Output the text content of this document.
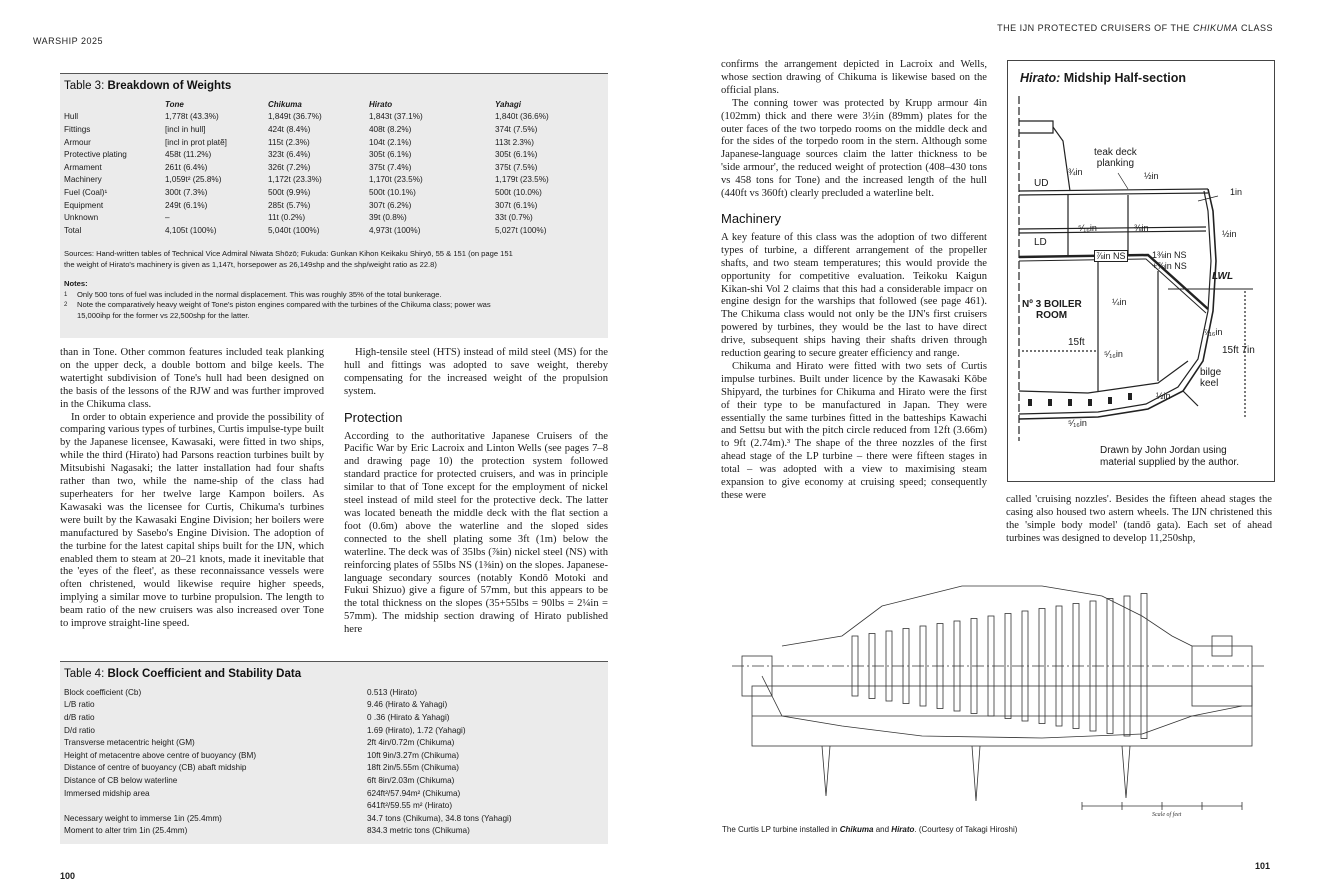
WARSHIP 2025
THE IJN PROTECTED CRUISERS OF THE CHIKUMA CLASS
Table 3: Breakdown of Weights
	Tone	Chikuma	Hirato	Yahagi
Hull	1,778t (43.3%)	1,849t (36.7%)	1,843t (37.1%)	1,840t (36.6%)
Fittings	[incl in hull]	424t (8.4%)	408t (8.2%)	374t (7.5%)
Armour	[incl in prot platẽ]	115t (2.3%)	104t (2.1%)	113t 2.3%)
Protective plating	458t (11.2%)	323t (6.4%)	305t (6.1%)	305t (6.1%)
Armament	261t (6.4%)	326t (7.2%)	375t (7.4%)	375t (7.5%)
Machinery	1,059t² (25.8%)	1,172t (23.3%)	1,170t (23.5%)	1,179t (23.5%)
Fuel (Coal)¹	300t (7.3%)	500t (9.9%)	500t (10.1%)	500t (10.0%)
Equipment	249t (6.1%)	285t (5.7%)	307t (6.2%)	307t (6.1%)
Unknown	–	11t (0.2%)	39t (0.8%)	33t (0.7%)
Total	4,105t (100%)	5,040t (100%)	4,973t (100%)	5,027t (100%)
Sources: Hand-written tables of Technical Vice Admiral Niwata Shōzō; Fukuda: Gunkan Kihon Keikaku Shiryō, 55 & 151 (on page 151
the weight of Hirato's machinery is given as 1,147t, horsepower as 26,149shp and the shp/weight ratio as 22.8)
Notes:
1 Only 500 tons of fuel was included in the normal displacement. This was roughly 35% of the total bunkerage.
2 Note the comparatively heavy weight of Tone's piston engines compared with the turbines of the Chikuma class; power was
15,000ihp for the former vs 22,500shp for the latter.

than in Tone. Other common features included teak planking on the upper deck, a double bottom and bilge keels. The watertight subdivision of Tone's hull had been designed on the basis of the lessons of the RJW and was further improved in the Chikuma class.

In order to obtain experience and provide the possibility of comparing various types of turbines, Curtis impulse-type built by the Japanese licensee, Kawasaki, were fitted in two ships, while the third (Hirato) had Parsons reaction turbines built by Mitsubishi Nagasaki; the latter installation had four shafts rather than two, while the name-ship of the class had superheaters for her twelve large Kampon boilers. As Kawasaki was the licensee for Curtis, Chikuma's turbines were built by the Kawasaki Engine Division; her boilers were manufactured by Sasebo's Engine Division. The adoption of the turbine for the latest capital ships built for the IJN, which enabled them to steam at 20–21 knots, made it inevitable that the 'eyes of the fleet', as these reconnaissance vessels were often christened, would likewise require higher speeds, implying a similar move to turbine propulsion. The length to beam ratio of the new cruisers was also increased over Tone to improve straight-line speed.

High-tensile steel (HTS) instead of mild steel (MS) for the hull and fittings was adopted to save weight, thereby compensating for the increased weight of the propulsion system.

Protection

According to the authoritative Japanese Cruisers of the Pacific War by Eric Lacroix and Linton Wells (see pages 7–8 and drawing page 10) the protection system followed standard practice for protected cruisers, and was in principle similar to that of Tone except for the employment of nickel steel instead of mild steel for the protective deck. The latter was located beneath the middle deck with the flat section a foot (0.6m) above the waterline and the sloped sides connected to the shell plating some 3ft (1m) below the waterline. The deck was of 35lbs (⅞in) nickel steel (NS) with reinforcing plates of 55lbs NS (1⅜in) on the slopes. Japanese-language secondary sources (notably Kondō Motoki and Fukui Shizuo) give a figure of 57mm, but this appears to be the total thickness on the slopes (35+55lbs = 90lbs = 2¼in = 57mm). The midship section drawing of Hirato published here

Table 4: Block Coefficient and Stability Data
Block coefficient (Cb)	0.513 (Hirato)
L/B ratio	9.46 (Hirato & Yahagi)
d/B ratio	0 .36 (Hirato & Yahagi)
D/d ratio	1.69 (Hirato), 1.72 (Yahagi)
Transverse metacentric height (GM)	2ft 4in/0.72m (Chikuma)
Height of metacentre above centre of buoyancy (BM)	10ft 9in/3.27m (Chikuma)
Distance of centre of buoyancy (CB) abaft midship	18ft 2in/5.55m (Chikuma)
Distance of CB below waterline	6ft 8in/2.03m (Chikuma)
Immersed midship area	624ft²/57.94m² (Chikuma)
	641ft²/59.55 m² (Hirato)
Necessary weight to immerse 1in (25.4mm)	34.7 tons (Chikuma), 34.8 tons (Yahagi)
Moment to alter trim 1in (25.4mm)	834.3 metric tons (Chikuma)

confirms the arrangement depicted in Lacroix and Wells, whose section drawing of Chikuma is likewise based on the official plans.

The conning tower was protected by Krupp armour 4in (102mm) thick and there were 3½in (89mm) plates for the outer faces of the two torpedo rooms on the middle deck and for the sides of the torpedo room in the stern. Although some Japanese-language sources claim the latter thickness to be 'side armour', the reduced weight of protection (408–430 tons vs 458 tons for Tone) and the increased length of the hull (440ft vs 360ft) clearly precluded a waterline belt.

Machinery

A key feature of this class was the adoption of two different types of turbine, a different arrangement of the propeller shafts, and two steam temperatures; this would provide the opportunity for competitive evaluation. Teikoku Kaigun Kikan-shi Vol 2 claims that this had a considerable impacr on engine design for the warships that followed (see page 461). The Chikuma class would not only be the IJN's first cruisers powered by turbines, they would be the last to have direct drive, subsequent ships having their shafts driven through reduction gearing to secure greater efficiency and range.

Chikuma and Hirato were fitted with two sets of Curtis impulse turbines. Built under licence by the Kawasaki Kōbe Shipyard, the turbines for Chikuma and Hirato were the first of their type to be manufactured in Japan. They were essentially the same turbines fitted in the batteships Kawachi and Settsu but with the pitch circle reduced from 12ft (3.66m) to 9ft (2.74m).³ The shape of the three nozzles of the first ahead stage of the LP turbine – there were fifteen stages in total – was adopted with a view to maximising steam expansion to give economy at cruising speed; consequently these were	called 'cruising nozzles'. Besides the fifteen ahead stages the casing also housed two astern wheels. The IJN christened this the 'simple body model' (tandō gata). Each set of ahead turbines was designed to develop 11,250shp,

Hirato: Midship Half-section
teak deck
planking
UD
LD
LWL
Nº 3 BOILER
ROOM
15ft
15ft 7in
bilge
keel
¾in	½in
1in
½in
⁵⁄₁₆in	⅜in
⅞in NS	1⅜in NS
+⅞in NS
¼in
⁷⁄₁₆in
⁵⁄₁₆in
½in
⁵⁄₁₆in
Drawn by John Jordan using
material supplied by the author.
Scale of feet
The Curtis LP turbine installed in Chikuma and Hirato. (Courtesy of Takagi Hiroshi)
100
101
